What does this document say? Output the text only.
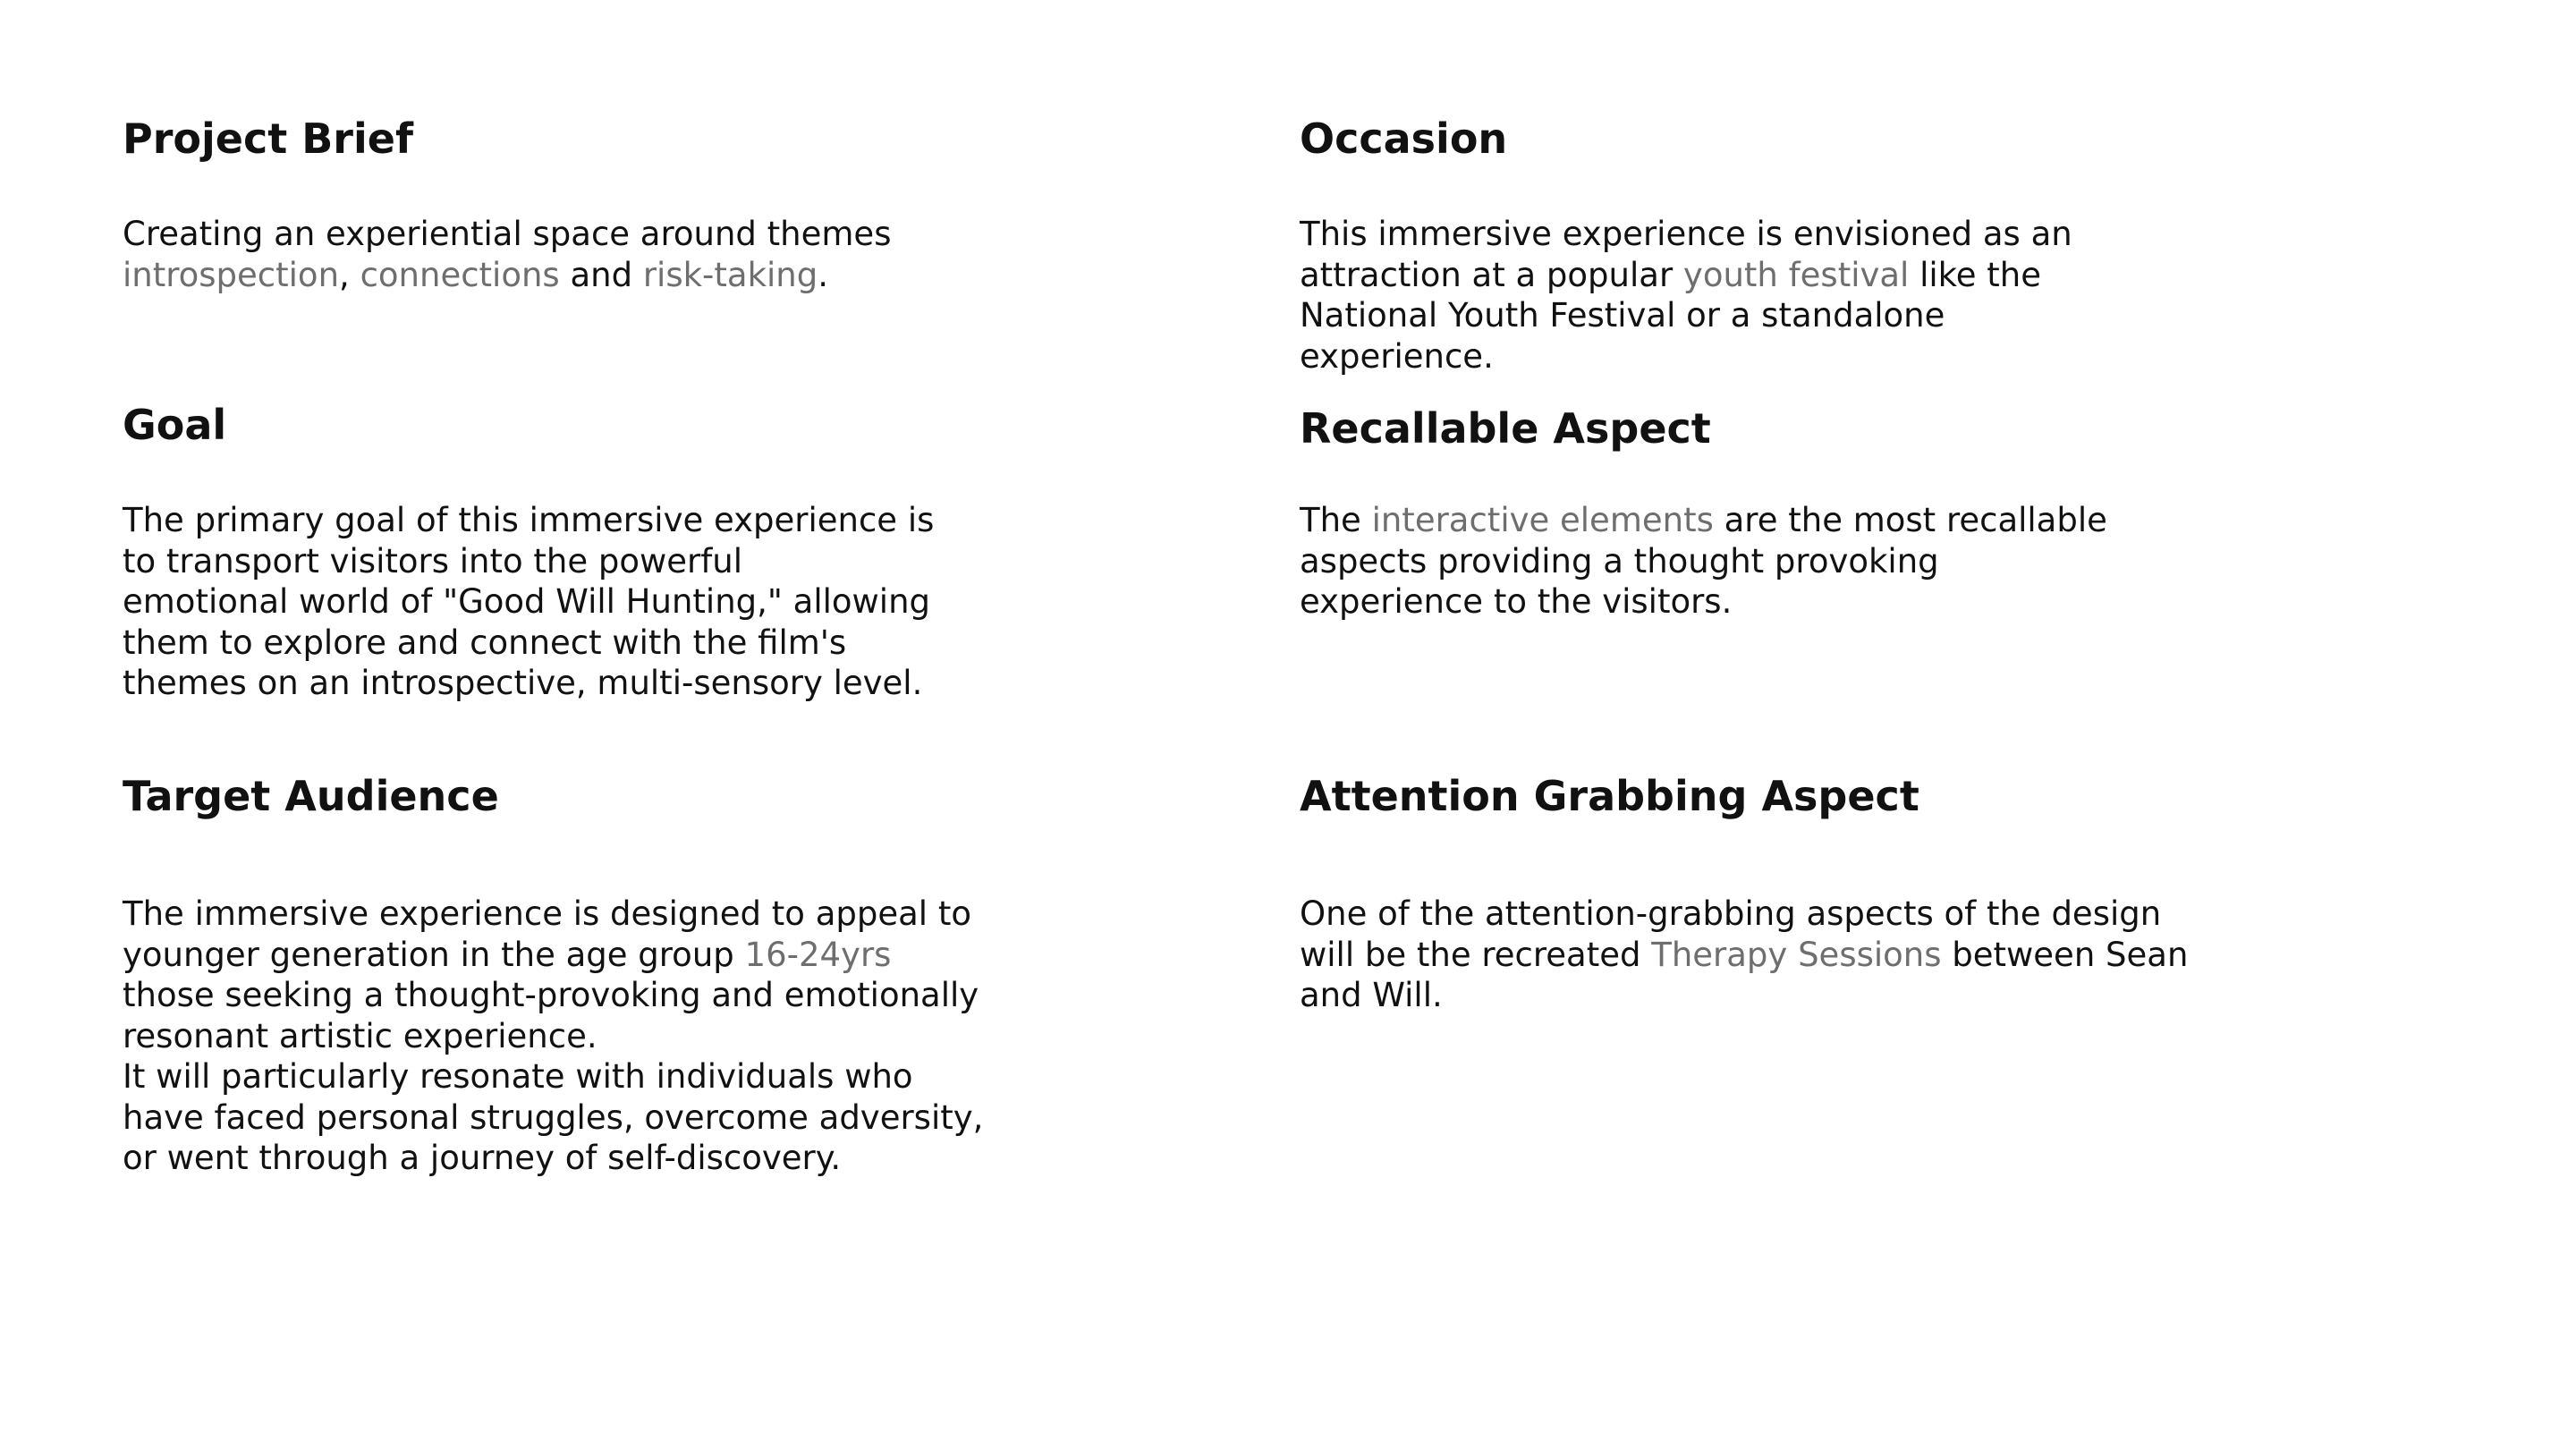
Project Brief

Creating an experiential space around themes
introspection, connections and risk-taking.

Goal

The primary goal of this immersive experience is
to transport visitors into the powerful
emotional world of "Good Will Hunting," allowing
them to explore and connect with the film's
themes on an introspective, multi-sensory level.

Target Audience

The immersive experience is designed to appeal to
younger generation in the age group 16-24yrs
those seeking a thought-provoking and emotionally
resonant artistic experience.
It will particularly resonate with individuals who
have faced personal struggles, overcome adversity,
or went through a journey of self-discovery.

Occasion

This immersive experience is envisioned as an
attraction at a popular youth festival like the
National Youth Festival or a standalone
experience.

Recallable Aspect

The interactive elements are the most recallable
aspects providing a thought provoking
experience to the visitors.

Attention Grabbing Aspect

One of the attention-grabbing aspects of the design
will be the recreated Therapy Sessions between Sean
and Will.
